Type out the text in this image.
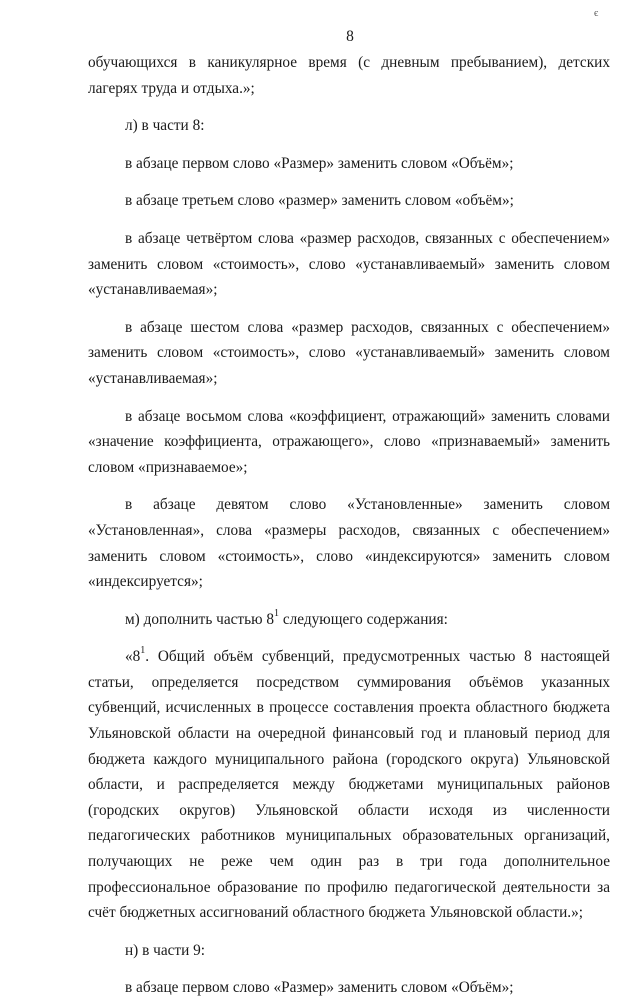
є
8

обучающихся в каникулярное время (с дневным пребыванием), детских лагерях труда и отдыха.»;

л) в части 8:

в абзаце первом слово «Размер» заменить словом «Объём»;

в абзаце третьем слово «размер» заменить словом «объём»;

в абзаце четвёртом слова «размер расходов, связанных с обеспечением» заменить словом «стоимость», слово «устанавливаемый» заменить словом «устанавливаемая»;

в абзаце шестом слова «размер расходов, связанных с обеспечением» заменить словом «стоимость», слово «устанавливаемый» заменить словом «устанавливаемая»;

в абзаце восьмом слова «коэффициент, отражающий» заменить словами «значение коэффициента, отражающего», слово «признаваемый» заменить словом «признаваемое»;

в абзаце девятом слово «Установленные» заменить словом «Установленная», слова «размеры расходов, связанных с обеспечением» заменить словом «стоимость», слово «индексируются» заменить словом «индексируется»;

м) дополнить частью $8^1$ следующего содержания:

«$8^1$. Общий объём субвенций, предусмотренных частью 8 настоящей статьи, определяется посредством суммирования объёмов указанных субвенций, исчисленных в процессе составления проекта областного бюджета Ульяновской области на очередной финансовый год и плановый период для бюджета каждого муниципального района (городского округа) Ульяновской области, и распределяется между бюджетами муниципальных районов (городских округов) Ульяновской области исходя из численности педагогических работников муниципальных образовательных организаций, получающих не реже чем один раз в три года дополнительное профессиональное образование по профилю педагогической деятельности за счёт бюджетных ассигнований областного бюджета Ульяновской области.»;

н) в части 9:

в абзаце первом слово «Размер» заменить словом «Объём»;
